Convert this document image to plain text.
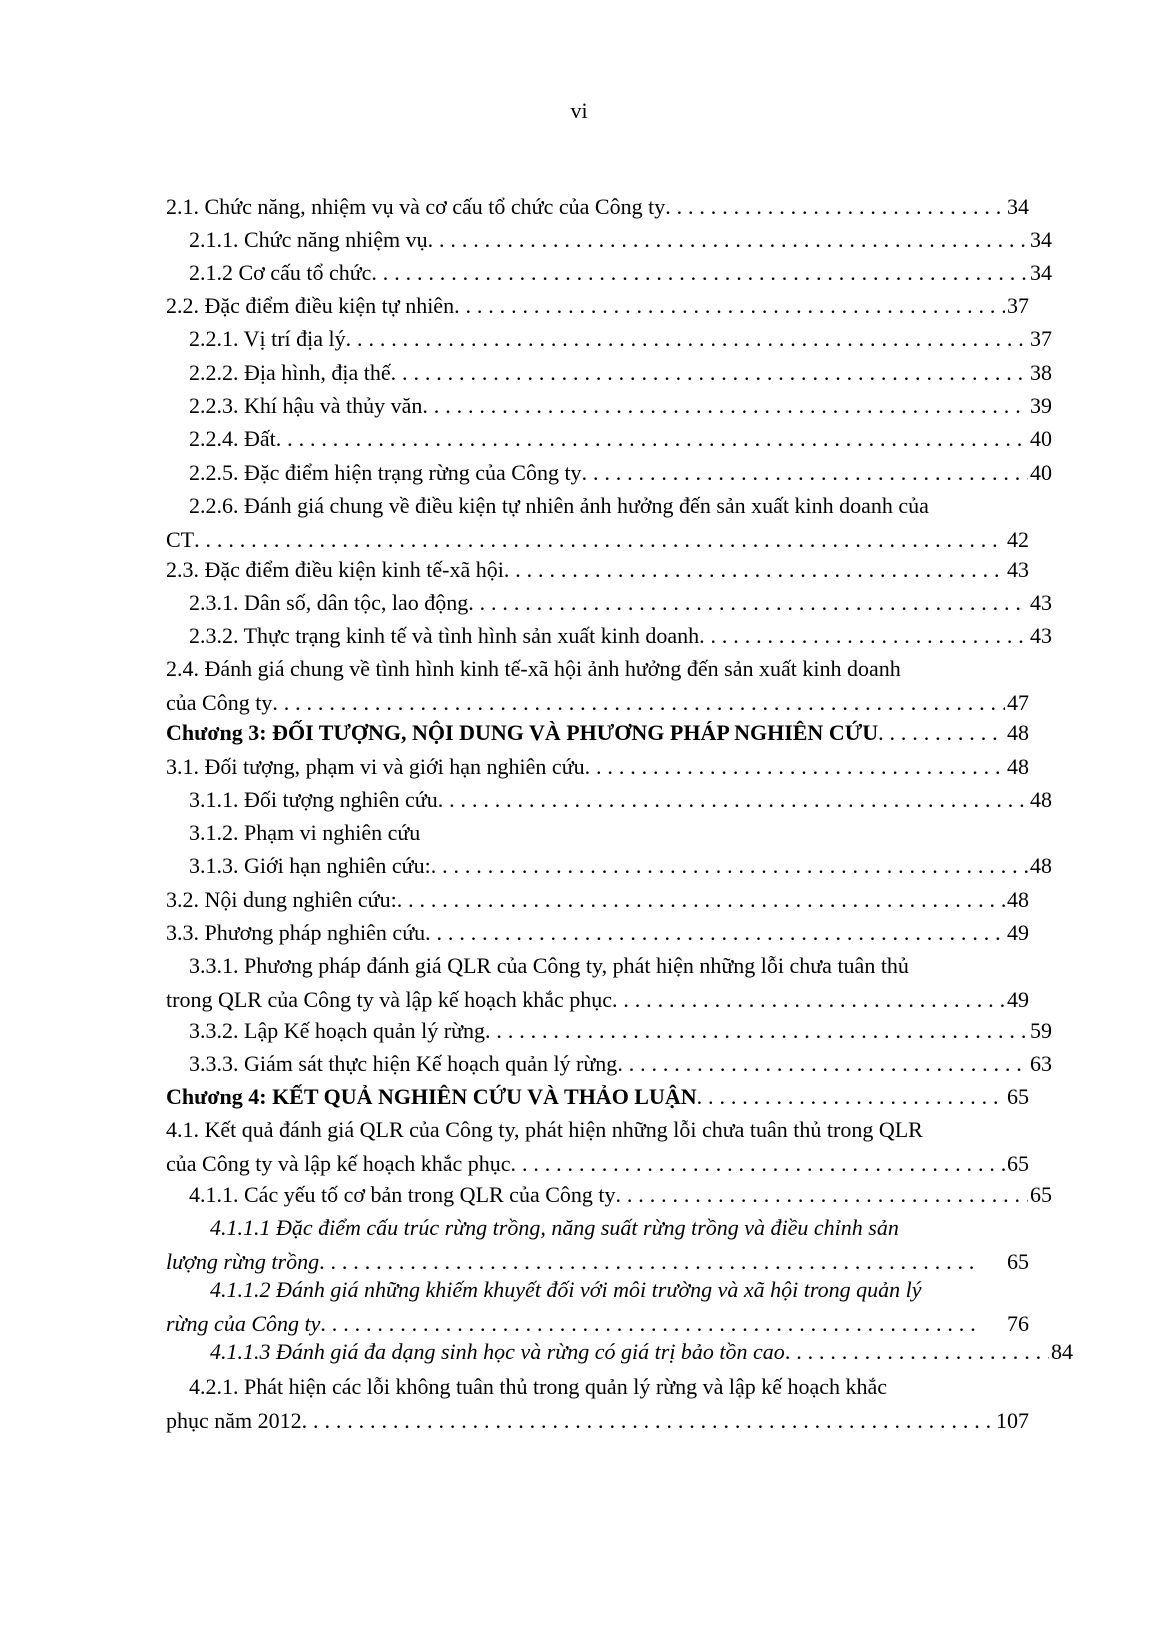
vi
2.1. Chức năng, nhiệm vụ và cơ cấu tổ chức của Công ty . . .	34
2.1.1. Chức năng nhiệm vụ . . .	34
2.1.2 Cơ cấu tổ chức . . .	34
2.2. Đặc điểm điều kiện tự nhiên . . .	37
2.2.1. Vị trí địa lý . . .	37
2.2.2. Địa hình, địa thế . . .	38
2.2.3. Khí hậu và thủy văn . . .	39
2.2.4. Đất . . .	40
2.2.5. Đặc điểm hiện trạng rừng của Công ty . . .	40
2.2.6. Đánh giá chung về điều kiện tự nhiên ảnh hưởng đến sản xuất kinh doanh của
CT . . .	42
2.3. Đặc điểm điều kiện kinh tế-xã hội . . .	43
2.3.1. Dân số, dân tộc, lao động . . .	43
2.3.2. Thực trạng kinh tế và tình hình sản xuất kinh doanh . . .	43
2.4. Đánh giá chung về tình hình kinh tế-xã hội ảnh hưởng đến sản xuất kinh doanh
của Công ty . . .	47
Chương 3: ĐỐI TƯỢNG, NỘI DUNG VÀ PHƯƠNG PHÁP NGHIÊN CỨU . . .	48
3.1. Đối tượng, phạm vi và giới hạn nghiên cứu . . .	48
3.1.1. Đối tượng nghiên cứu . . .	48
3.1.2. Phạm vi nghiên cứu
3.1.3. Giới hạn nghiên cứu: . . .	48
3.2. Nội dung nghiên cứu: . . .	48
3.3. Phương pháp nghiên cứu . . .	49
3.3.1. Phương pháp đánh giá QLR của Công ty, phát hiện những lỗi chưa tuân thủ
trong QLR của Công ty và lập kế hoạch khắc phục . . .	49
3.3.2. Lập Kế hoạch quản lý rừng . . .	59
3.3.3. Giám sát thực hiện Kế hoạch quản lý rừng . . .	63
Chương 4: KẾT QUẢ NGHIÊN CỨU VÀ THẢO LUẬN . . .	65
4.1. Kết quả đánh giá QLR của Công ty, phát hiện những lỗi chưa tuân thủ trong QLR
của Công ty và lập kế hoạch khắc phục . . .	65
4.1.1. Các yếu tố cơ bản trong QLR của Công ty . . .	65
4.1.1.1 Đặc điểm cấu trúc rừng trồng, năng suất rừng trồng và điều chỉnh sản
lượng rừng trồng . . .	65
4.1.1.2 Đánh giá những khiếm khuyết đối với môi trường và xã hội trong quản lý
rừng của Công ty . . .	76
4.1.1.3 Đánh giá đa dạng sinh học và rừng có giá trị bảo tồn cao . . .	84
4.2.1. Phát hiện các lỗi không tuân thủ trong quản lý rừng và lập kế hoạch khắc
phục năm 2012 . . .	107
